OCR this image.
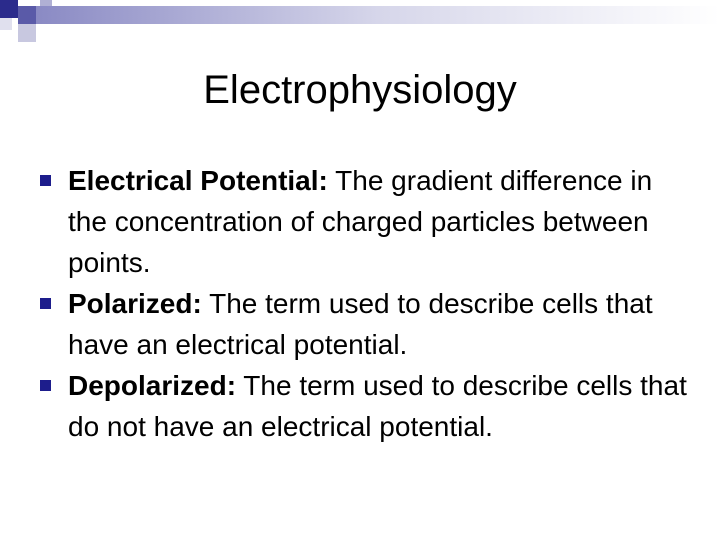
Electrophysiology
Electrical Potential: The gradient difference in the concentration of charged particles between points.
Polarized: The term used to describe cells that have an electrical potential.
Depolarized: The term used to describe cells that do not have an electrical potential.
